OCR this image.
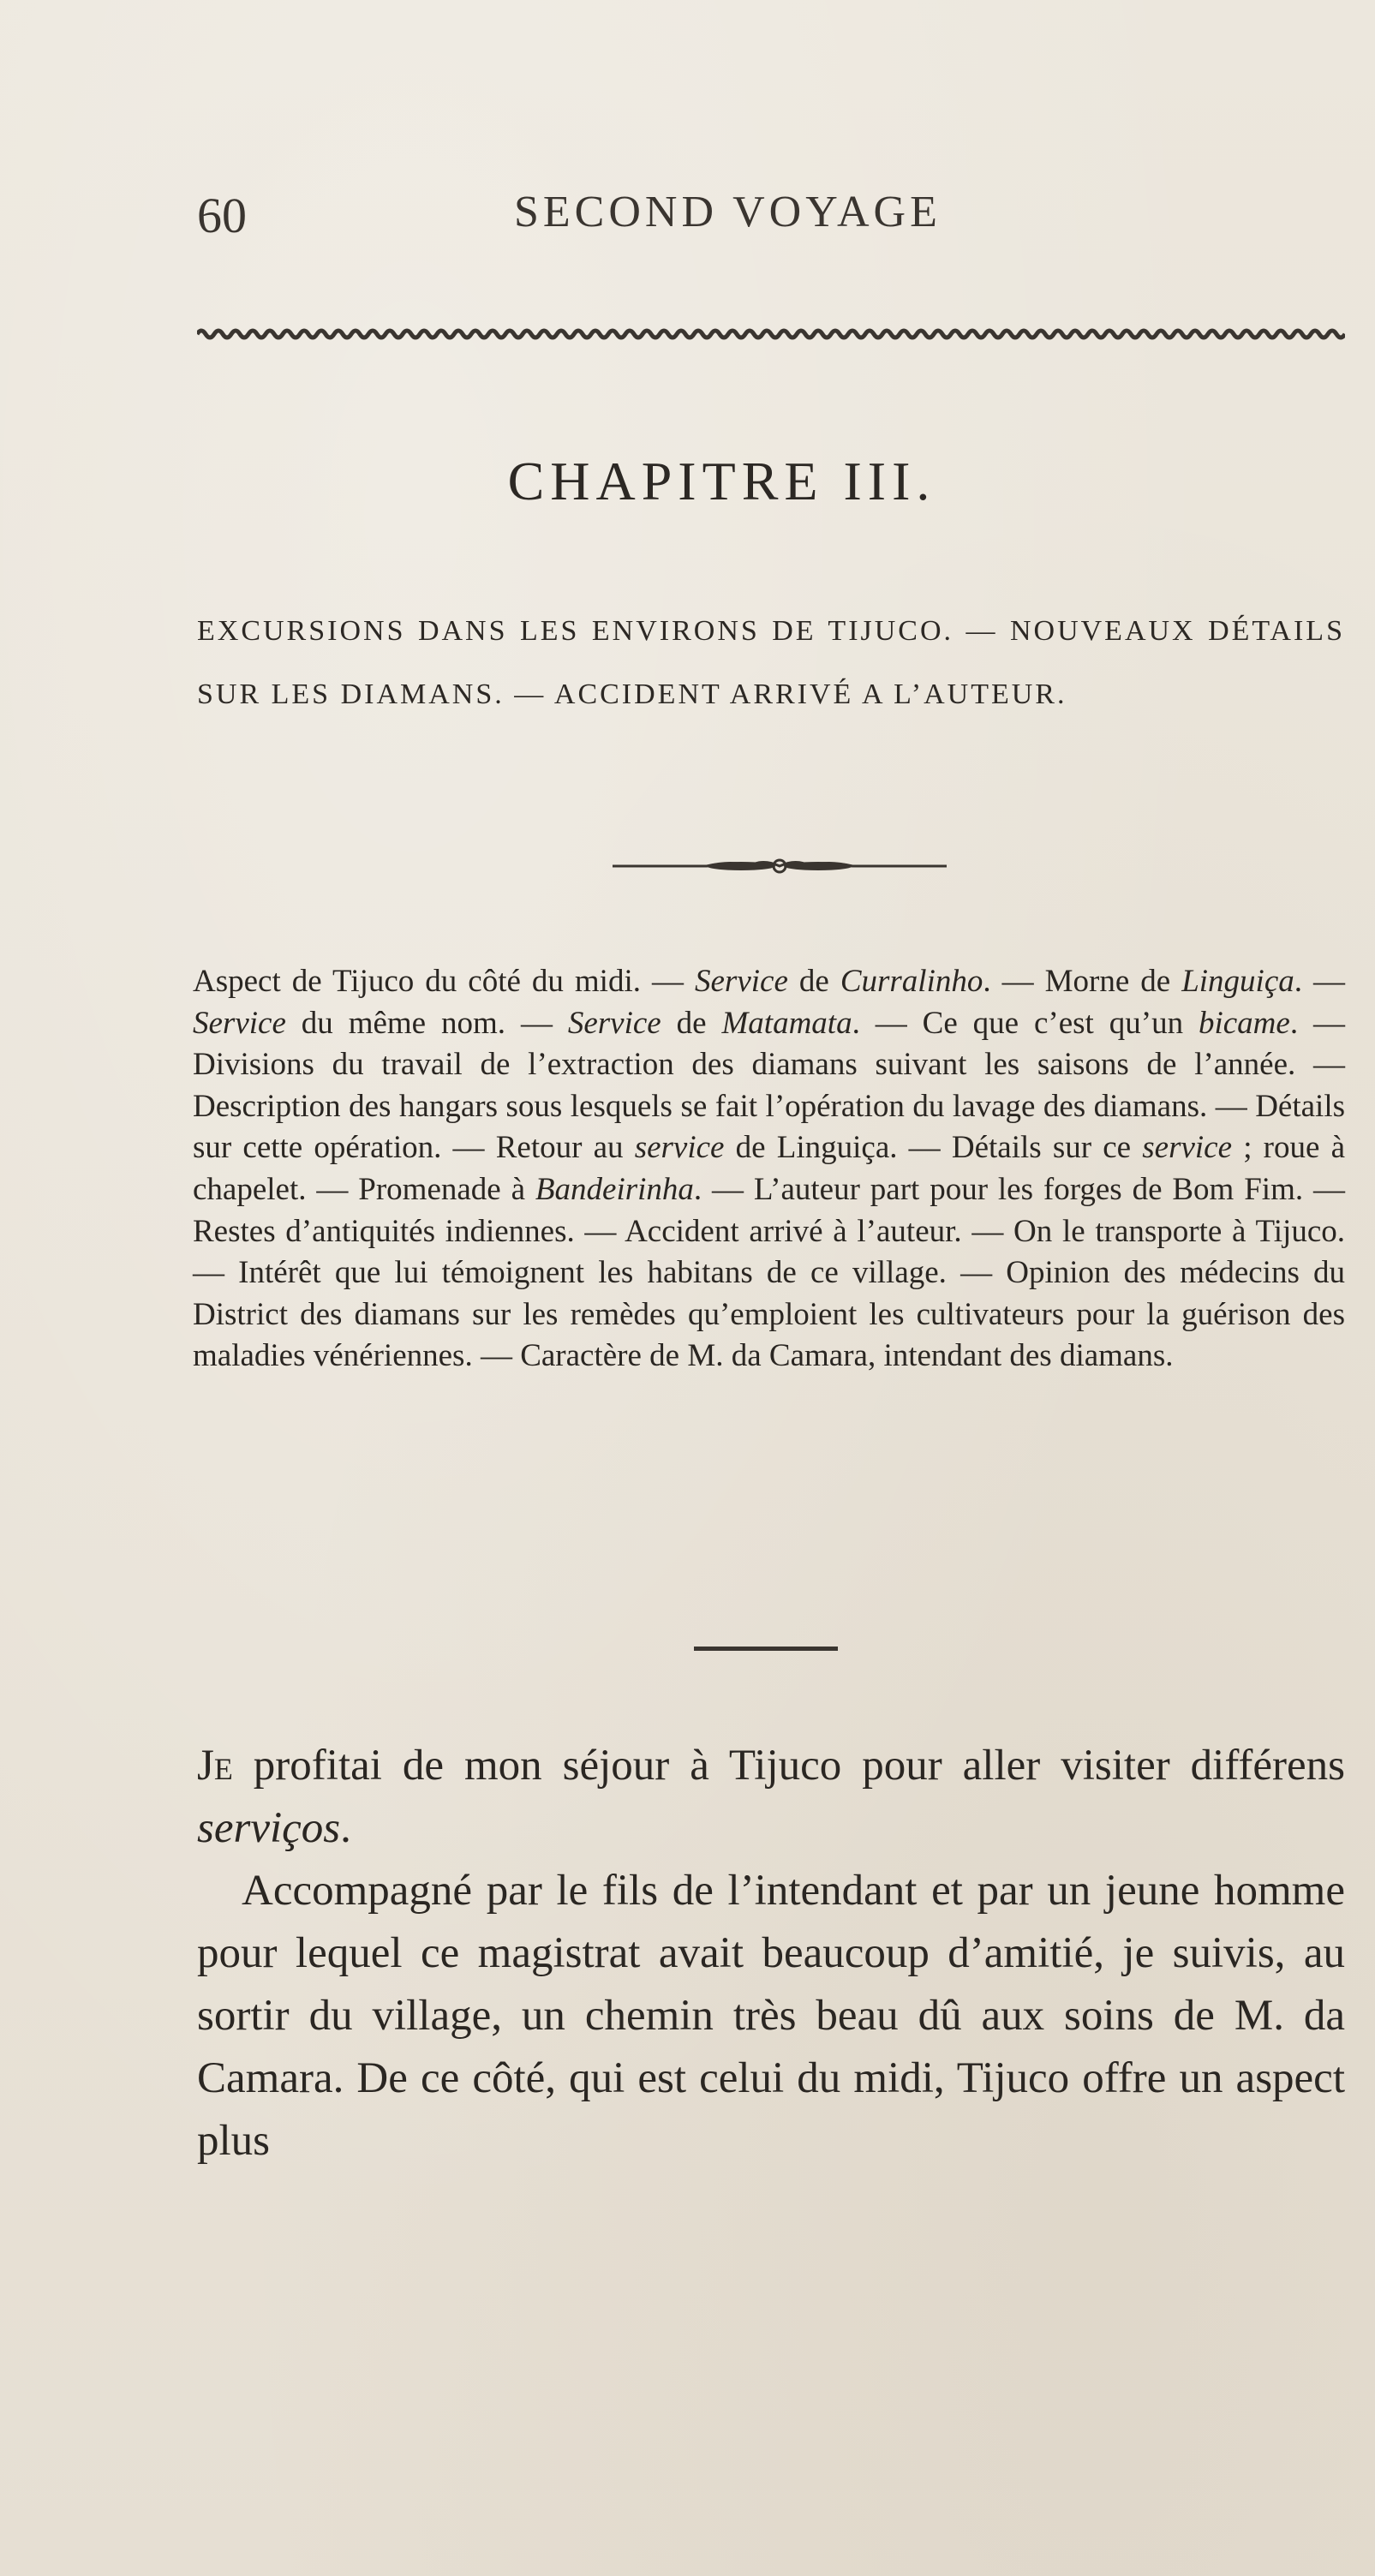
60	SECOND VOYAGE
CHAPITRE III.
EXCURSIONS DANS LES ENVIRONS DE TIJUCO. — NOUVEAUX DÉTAILS SUR LES DIAMANS. — ACCIDENT ARRIVÉ A L’AUTEUR.
Aspect de Tijuco du côté du midi. — Service de Curralinho. — Morne de Linguiça. — Service du même nom. — Service de Matamata. — Ce que c’est qu’un bicame. — Divisions du travail de l’extraction des diamans suivant les saisons de l’année. — Description des hangars sous lesquels se fait l’opération du lavage des diamans. — Détails sur cette opération. — Retour au service de Linguiça. — Détails sur ce service ; roue à chapelet. — Promenade à Bandeirinha. — L’auteur part pour les forges de Bom Fim. — Restes d’antiquités indiennes. — Accident arrivé à l’auteur. — On le transporte à Tijuco. — Intérêt que lui témoignent les habitans de ce village. — Opinion des médecins du District des diamans sur les remèdes qu’emploient les cultivateurs pour la guérison des maladies vénériennes. — Caractère de M. da Camara, intendant des diamans.

Je profitai de mon séjour à Tijuco pour aller visiter différens serviços.

Accompagné par le fils de l’intendant et par un jeune homme pour lequel ce magistrat avait beaucoup d’amitié, je suivis, au sortir du village, un chemin très beau dû aux soins de M. da Camara. De ce côté, qui est celui du midi, Tijuco offre un aspect plus
